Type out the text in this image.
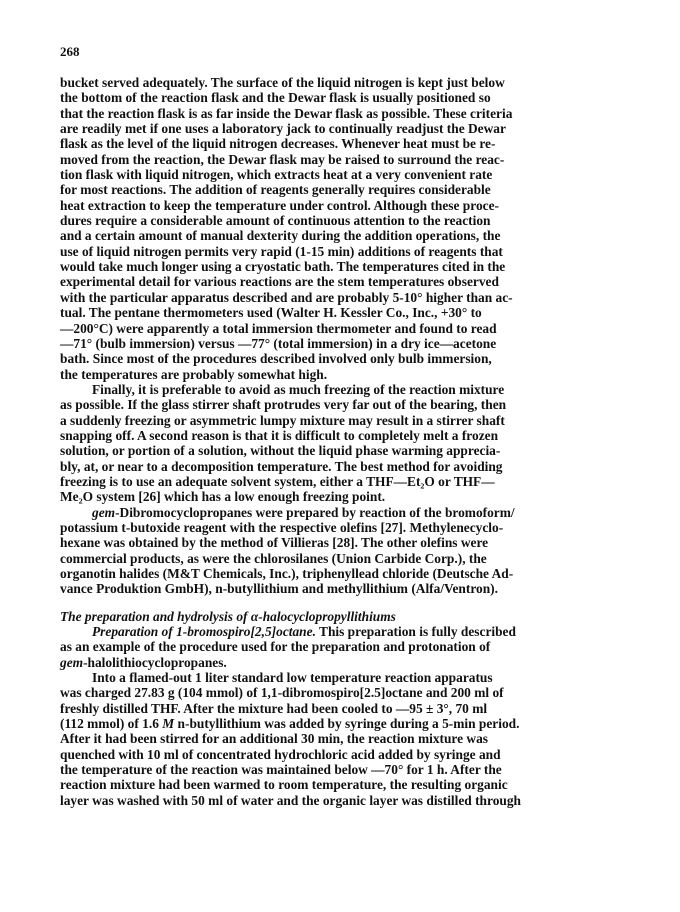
268
bucket served adequately. The surface of the liquid nitrogen is kept just below
the bottom of the reaction flask and the Dewar flask is usually positioned so
that the reaction flask is as far inside the Dewar flask as possible. These criteria
are readily met if one uses a laboratory jack to continually readjust the Dewar
flask as the level of the liquid nitrogen decreases. Whenever heat must be re-
moved from the reaction, the Dewar flask may be raised to surround the reac-
tion flask with liquid nitrogen, which extracts heat at a very convenient rate
for most reactions. The addition of reagents generally requires considerable
heat extraction to keep the temperature under control. Although these proce-
dures require a considerable amount of continuous attention to the reaction
and a certain amount of manual dexterity during the addition operations, the
use of liquid nitrogen permits very rapid (1-15 min) additions of reagents that
would take much longer using a cryostatic bath. The temperatures cited in the
experimental detail for various reactions are the stem temperatures observed
with the particular apparatus described and are probably 5-10° higher than ac-
tual. The pentane thermometers used (Walter H. Kessler Co., Inc., +30° to
—200°C) were apparently a total immersion thermometer and found to read
—71° (bulb immersion) versus —77° (total immersion) in a dry ice—acetone
bath. Since most of the procedures described involved only bulb immersion,
the temperatures are probably somewhat high.
Finally, it is preferable to avoid as much freezing of the reaction mixture
as possible. If the glass stirrer shaft protrudes very far out of the bearing, then
a suddenly freezing or asymmetric lumpy mixture may result in a stirrer shaft
snapping off. A second reason is that it is difficult to completely melt a frozen
solution, or portion of a solution, without the liquid phase warming apprecia-
bly, at, or near to a decomposition temperature. The best method for avoiding
freezing is to use an adequate solvent system, either a THF—Et₂O or THF—
Me₂O system [26] which has a low enough freezing point.
gem-Dibromocyclopropanes were prepared by reaction of the bromoform/
potassium t-butoxide reagent with the respective olefins [27]. Methylenecyclo-
hexane was obtained by the method of Villieras [28]. The other olefins were
commercial products, as were the chlorosilanes (Union Carbide Corp.), the
organotin halides (M&T Chemicals, Inc.), triphenyllead chloride (Deutsche Ad-
vance Produktion GmbH), n-butyllithium and methyllithium (Alfa/Ventron).
The preparation and hydrolysis of α-halocyclopropyllithiums
Preparation of 1-bromospiro[2,5]octane. This preparation is fully described
as an example of the procedure used for the preparation and protonation of
gem-halolithiocyclopropanes.
Into a flamed-out 1 liter standard low temperature reaction apparatus
was charged 27.83 g (104 mmol) of 1,1-dibromospiro[2.5]octane and 200 ml of
freshly distilled THF. After the mixture had been cooled to —95 ± 3°, 70 ml
(112 mmol) of 1.6 M n-butyllithium was added by syringe during a 5-min period.
After it had been stirred for an additional 30 min, the reaction mixture was
quenched with 10 ml of concentrated hydrochloric acid added by syringe and
the temperature of the reaction was maintained below —70° for 1 h. After the
reaction mixture had been warmed to room temperature, the resulting organic
layer was washed with 50 ml of water and the organic layer was distilled through
